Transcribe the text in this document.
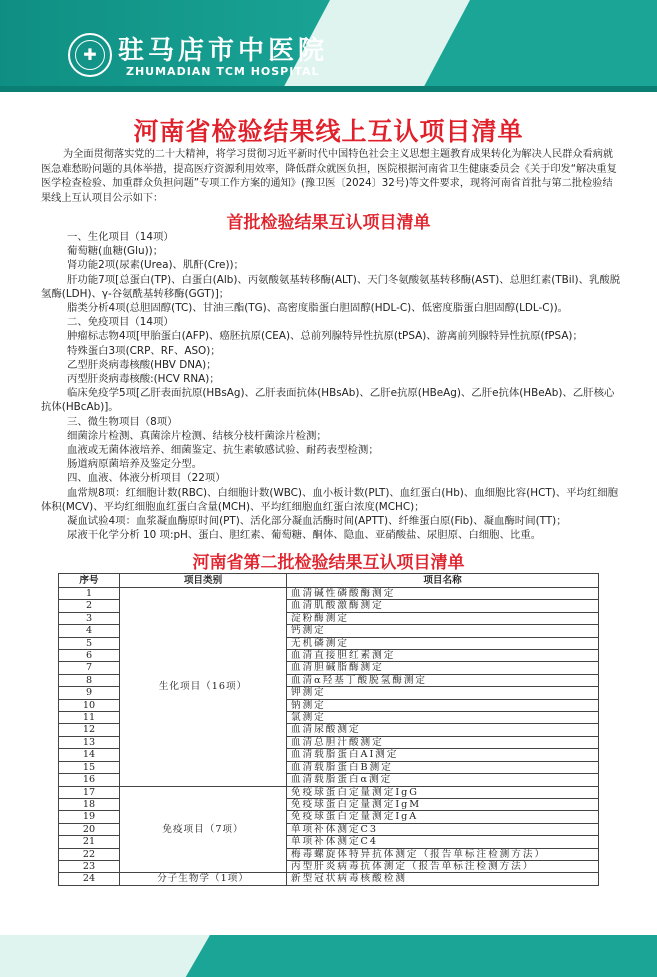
✚ 驻马店市中医院
ZHUMADIAN TCM HOSPITAL
河南省检验结果线上互认项目清单
为全面贯彻落实党的二十大精神，将学习贯彻习近平新时代中国特色社会主义思想主题教育成果转化为解决人民群众看病就医急难愁盼问题的具体举措，提高医疗资源利用效率，降低群众就医负担，医院根据河南省卫生健康委员会《关于印发“解决重复医学检查检验、加重群众负担问题”专项工作方案的通知》(豫卫医〔2024〕32号)等文件要求，现将河南省首批与第二批检验结果线上互认项目公示如下：
首批检验结果互认项目清单
一、生化项目（14项）
葡萄糖(血糖(Glu))；
肾功能2项(尿素(Urea)、肌酐(Cre))；
肝功能7项[总蛋白(TP)、白蛋白(Alb)、丙氨酸氨基转移酶(ALT)、天门冬氨酸氨基转移酶(AST)、总胆红素(TBil)、乳酸脱氢酶(LDH)、γ-谷氨酰基转移酶(GGT)]；
脂类分析4项(总胆固醇(TC)、甘油三酯(TG)、高密度脂蛋白胆固醇(HDL-C)、低密度脂蛋白胆固醇(LDL-C))。
二、免疫项目（14项）
肿瘤标志物4项[甲胎蛋白(AFP)、癌胚抗原(CEA)、总前列腺特异性抗原(tPSA)、游离前列腺特异性抗原(fPSA)；
特殊蛋白3项(CRP、RF、ASO)；
乙型肝炎病毒核酸(HBV DNA)；
丙型肝炎病毒核酸:(HCV RNA)；
临床免疫学5项[乙肝表面抗原(HBsAg)、乙肝表面抗体(HBsAb)、乙肝e抗原(HBeAg)、乙肝e抗体(HBeAb)、乙肝核心抗体(HBcAb)]。
三、微生物项目（8项）
细菌涂片检测、真菌涂片检测、结核分枝杆菌涂片检测；
血液或无菌体液培养、细菌鉴定、抗生素敏感试验、耐药表型检测；
肠道病原菌培养及鉴定分型。
四、血液、体液分析项目（22项）
血常规8项：红细胞计数(RBC)、白细胞计数(WBC)、血小板计数(PLT)、血红蛋白(Hb)、血细胞比容(HCT)、平均红细胞体积(MCV)、平均红细胞血红蛋白含量(MCH)、平均红细胞血红蛋白浓度(MCHC)；
凝血试验4项：血浆凝血酶原时间(PT)、活化部分凝血活酶时间(APTT)、纤维蛋白原(Fib)、凝血酶时间(TT)；
尿液干化学分析 10 项:pH、蛋白、胆红素、葡萄糖、酮体、隐血、亚硝酸盐、尿胆原、白细胞、比重。
河南省第二批检验结果互认项目清单
序号	项目类别	项目名称
1	生化项目（16项）	血清碱性磷酸酶测定
2		血清肌酸激酶测定
3		淀粉酶测定
4		钙测定
5		无机磷测定
6		血清直接胆红素测定
7		血清胆碱脂酶测定
8		血清α羟基丁酸脱氢酶测定
9		钾测定
10		钠测定
11		氯测定
12		血清尿酸测定
13		血清总胆汁酸测定
14		血清载脂蛋白AⅠ测定
15		血清载脂蛋白B测定
16		血清载脂蛋白α测定
17	免疫项目（7项）	免疫球蛋白定量测定IgG
18		免疫球蛋白定量测定IgM
19		免疫球蛋白定量测定IgA
20		单项补体测定C3
21		单项补体测定C4
22		梅毒螺旋体特异抗体测定（报告单标注检测方法）
23		丙型肝炎病毒抗体测定（报告单标注检测方法）
24	分子生物学（1项）	新型冠状病毒核酸检测
